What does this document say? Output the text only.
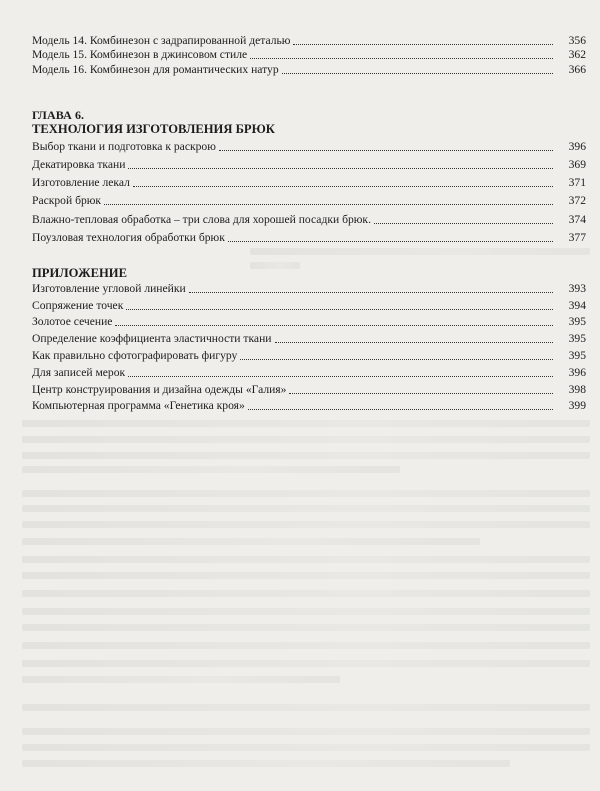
Модель 14. Комбинезон с задрапированной деталью	356
Модель 15. Комбинезон в джинсовом стиле	362
Модель 16. Комбинезон для романтических натур	366
ГЛАВА 6.
ТЕХНОЛОГИЯ ИЗГОТОВЛЕНИЯ БРЮК
Выбор ткани и подготовка к раскрою	396
Декатировка ткани	369
Изготовление лекал	371
Раскрой брюк	372
Влажно-тепловая обработка – три слова для хорошей посадки брюк.	374
Поузловая технология обработки брюк	377
ПРИЛОЖЕНИЕ
Изготовление угловой линейки	393
Сопряжение точек	394
Золотое сечение	395
Определение коэффициента эластичности ткани	395
Как правильно сфотографировать фигуру	395
Для записей мерок	396
Центр конструирования и дизайна одежды «Галия»	398
Компьютерная программа «Генетика кроя»	399
